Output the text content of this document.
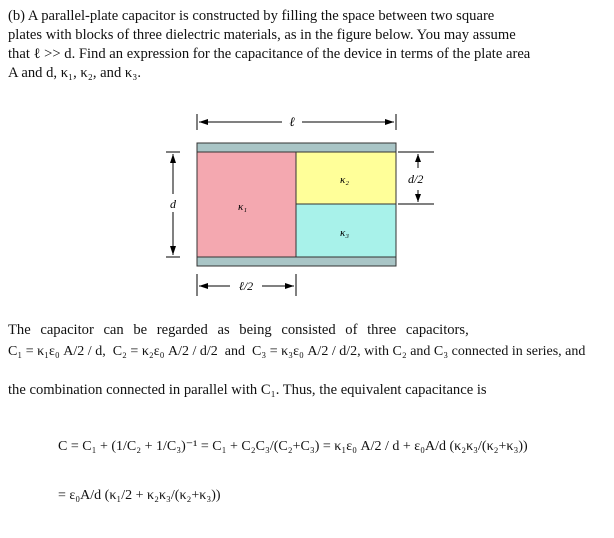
(b) A parallel-plate capacitor is constructed by filling the space between two square
plates with blocks of three dielectric materials, as in the figure below. You may assume
that ℓ >> d. Find an expression for the capacitance of the device in terms of the plate area
A and d, κ₁, κ₂, and κ₃.
ℓ
κ₁
κ₂
κ₃
d
d/2
ℓ/2
The capacitor can be regarded as being consisted of three capacitors,
C₁ = κ₁ε₀ A/2 / d,  C₂ = κ₂ε₀ A/2 / d/2  and  C₃ = κ₃ε₀ A/2 / d/2, with C₂ and C₃ connected in series, and
the combination connected in parallel with C₁. Thus, the equivalent capacitance is
C = C₁ + (1/C₂ + 1/C₃)⁻¹ = C₁ + C₂C₃/(C₂+C₃) = κ₁ε₀ A/2 / d + ε₀A/d (κ₂κ₃/(κ₂+κ₃))
= ε₀A/d (κ₁/2 + κ₂κ₃/(κ₂+κ₃))
